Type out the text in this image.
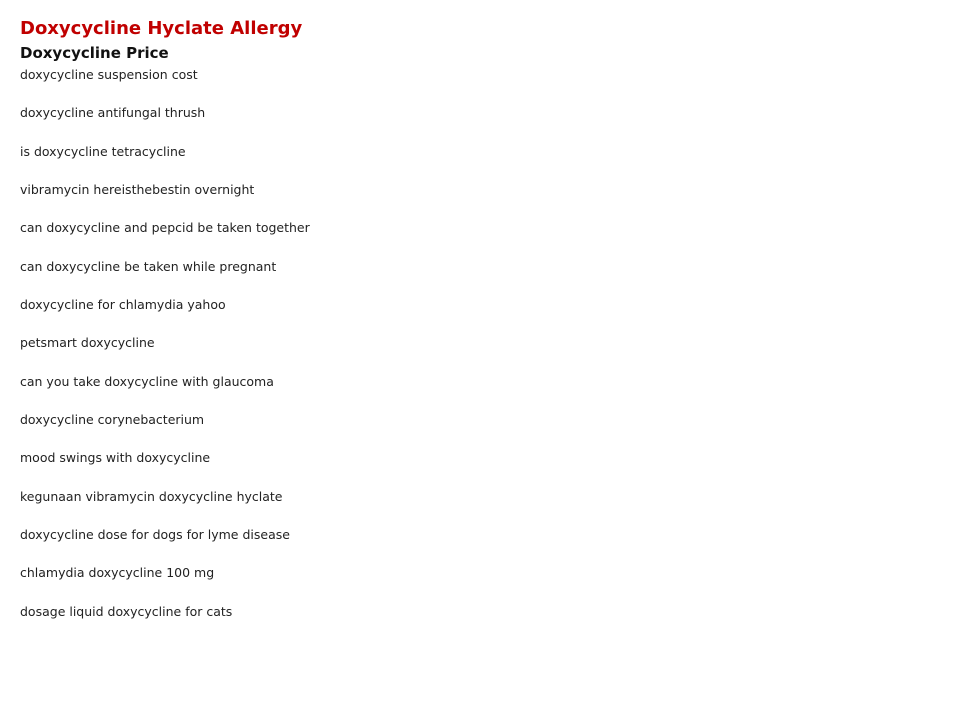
Doxycycline Hyclate Allergy
Doxycycline Price
doxycycline suspension cost
doxycycline antifungal thrush
is doxycycline tetracycline
vibramycin hereisthebestin overnight
can doxycycline and pepcid be taken together
can doxycycline be taken while pregnant
doxycycline for chlamydia yahoo
petsmart doxycycline
can you take doxycycline with glaucoma
doxycycline corynebacterium
mood swings with doxycycline
kegunaan vibramycin doxycycline hyclate
doxycycline dose for dogs for lyme disease
chlamydia doxycycline 100 mg
dosage liquid doxycycline for cats
